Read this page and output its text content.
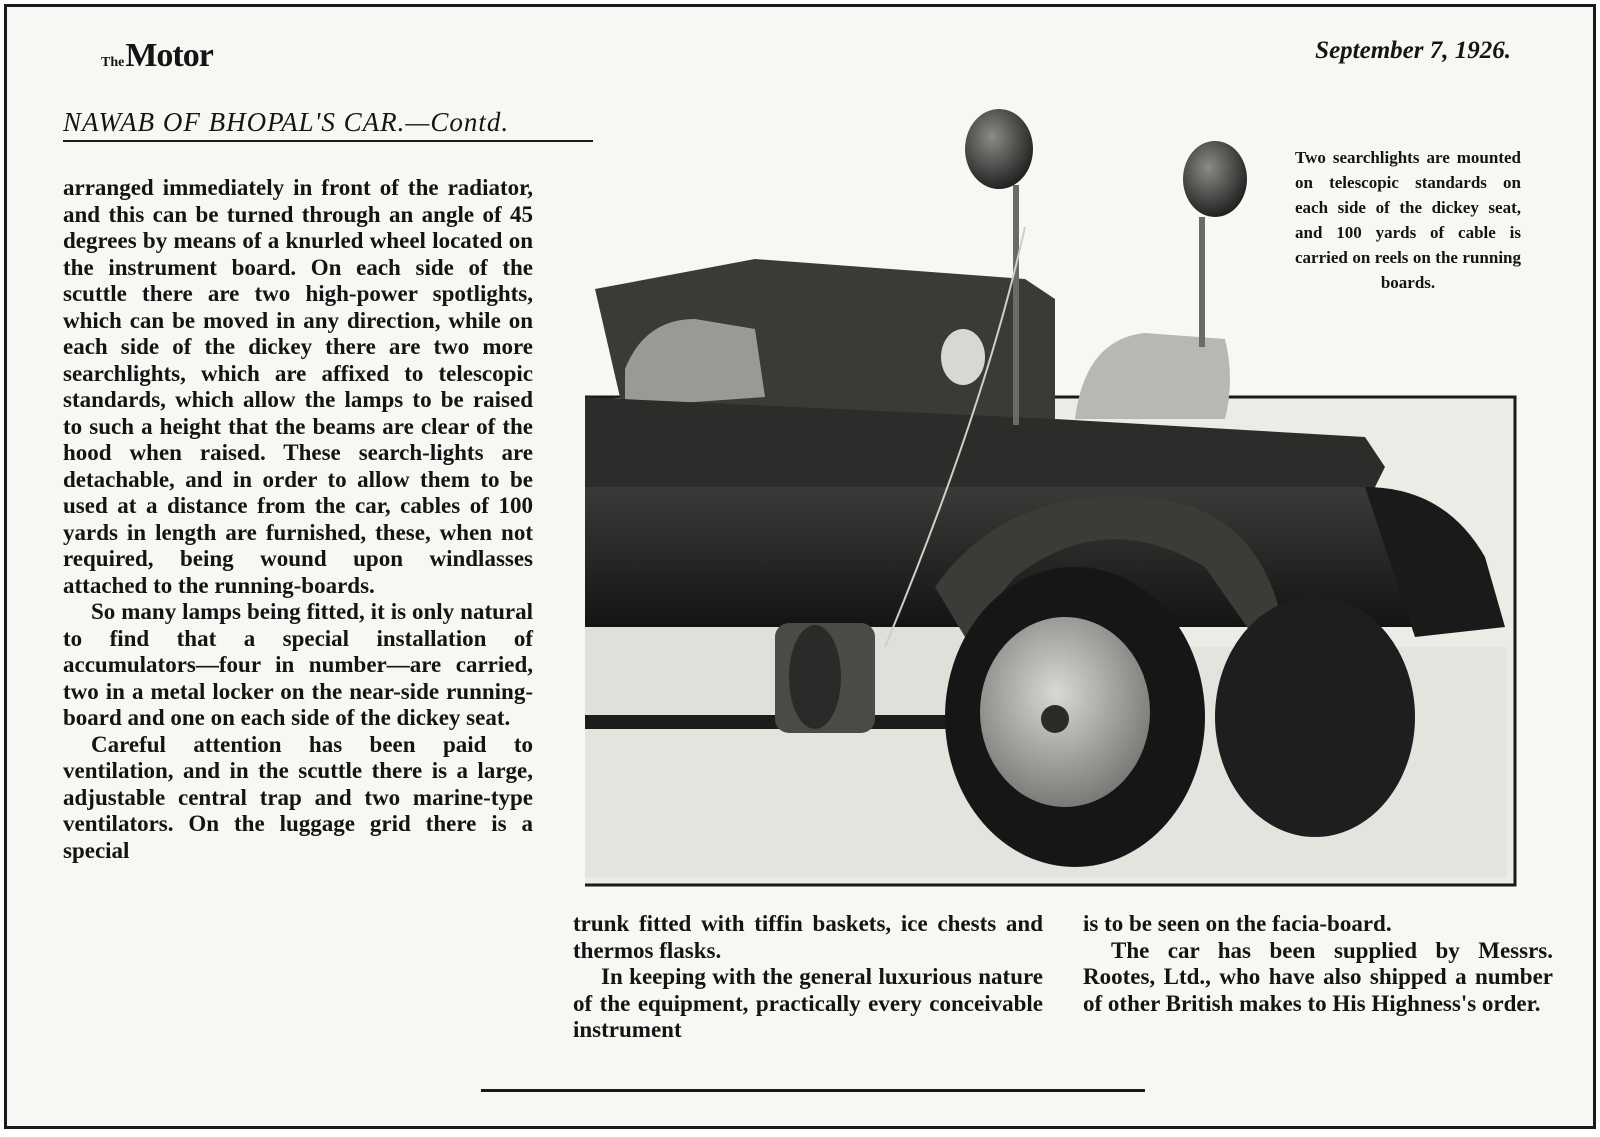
The Motor	September 7, 1926.
NAWAB OF BHOPAL'S CAR.—Contd.

arranged immediately in front of the radiator, and this can be turned through an angle of 45 degrees by means of a knurled wheel located on the instrument board. On each side of the scuttle there are two high-power spotlights, which can be moved in any direction, while on each side of the dickey there are two more searchlights, which are affixed to telescopic standards, which allow the lamps to be raised to such a height that the beams are clear of the hood when raised. These search-lights are detachable, and in order to allow them to be used at a distance from the car, cables of 100 yards in length are furnished, these, when not required, being wound upon windlasses attached to the running-boards.

So many lamps being fitted, it is only natural to find that a special installation of accumulators—four in number—are carried, two in a metal locker on the near-side running-board and one on each side of the dickey seat.

Careful attention has been paid to ventilation, and in the scuttle there is a large, adjustable central trap and two marine-type ventilators. On the luggage grid there is a special

Two searchlights are mounted on telescopic standards on each side of the dickey seat, and 100 yards of cable is carried on reels on the running boards.

trunk fitted with tiffin baskets, ice chests and thermos flasks.

In keeping with the general luxurious nature of the equipment, practically every conceivable instrument

is to be seen on the facia-board.

The car has been supplied by Messrs. Rootes, Ltd., who have also shipped a number of other British makes to His Highness's order.
